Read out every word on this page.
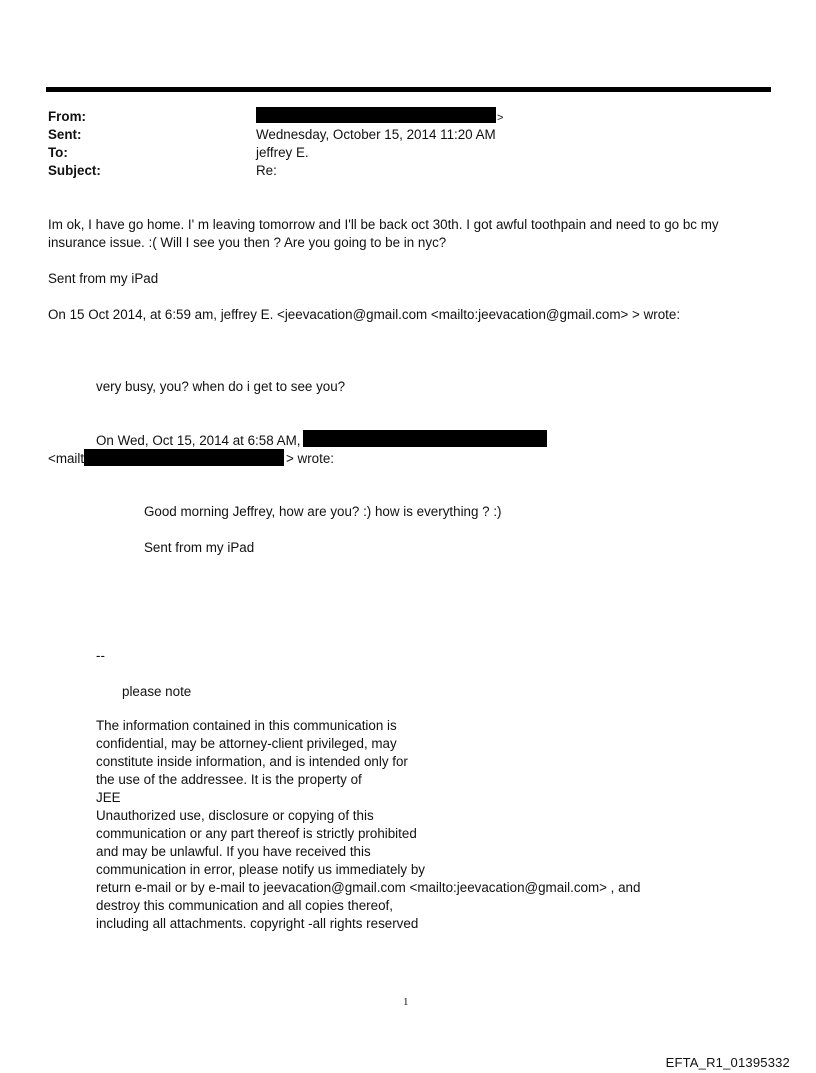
From:	>
Sent:	Wednesday, October 15, 2014 11:20 AM
To:	jeffrey E.
Subject:	Re:
Im ok, I have go home. I' m leaving tomorrow and I'll be back oct 30th. I got awful toothpain and need to go bc my insurance issue. :( Will I see you then ? Are you going to be in nyc?
Sent from my iPad
On 15 Oct 2014, at 6:59 am, jeffrey E. <jeevacation@gmail.com <mailto:jeevacation@gmail.com> > wrote:
very busy, you? when do i get to see you?
On Wed, Oct 15, 2014 at 6:58 AM,
<mailt	> wrote:
Good morning Jeffrey, how are you? :) how is everything ? :)
Sent from my iPad
--
please note
The information contained in this communication is
confidential, may be attorney-client privileged, may
constitute inside information, and is intended only for
the use of the addressee. It is the property of
JEE
Unauthorized use, disclosure or copying of this
communication or any part thereof is strictly prohibited
and may be unlawful. If you have received this
communication in error, please notify us immediately by
return e-mail or by e-mail to jeevacation@gmail.com <mailto:jeevacation@gmail.com> , and
destroy this communication and all copies thereof,
including all attachments. copyright -all rights reserved
1
EFTA_R1_01395332
